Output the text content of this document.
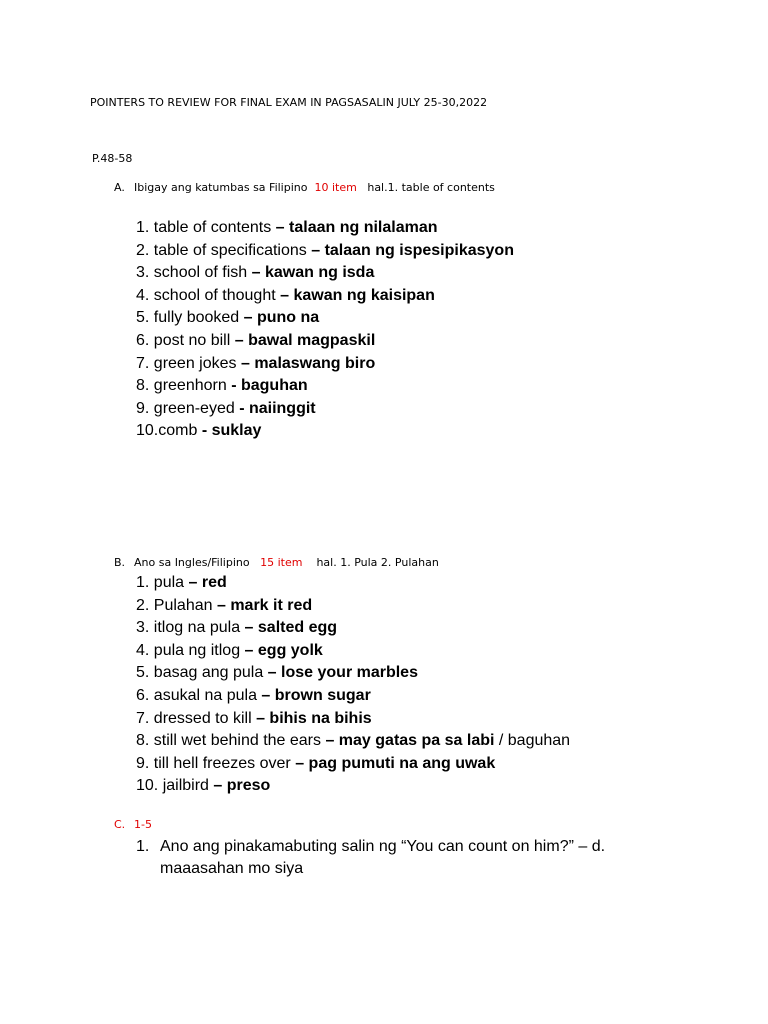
POINTERS TO REVIEW FOR FINAL EXAM IN PAGSASALIN JULY 25-30,2022
P.48-58
A. Ibigay ang katumbas sa Filipino 10 item hal.1. table of contents
1. table of contents – talaan ng nilalaman
2. table of specifications – talaan ng ispesipikasyon
3. school of fish – kawan ng isda
4. school of thought – kawan ng kaisipan
5. fully booked – puno na
6. post no bill – bawal magpaskil
7. green jokes – malaswang biro
8. greenhorn - baguhan
9. green-eyed - naiinggit
10.comb - suklay
B. Ano sa Ingles/Filipino 15 item hal. 1. Pula 2. Pulahan
1. pula – red
2. Pulahan – mark it red
3. itlog na pula – salted egg
4. pula ng itlog – egg yolk
5. basag ang pula – lose your marbles
6. asukal na pula – brown sugar
7. dressed to kill – bihis na bihis
8. still wet behind the ears – may gatas pa sa labi / baguhan
9. till hell freezes over – pag pumuti na ang uwak
10. jailbird – preso
C. 1-5
1. Ano ang pinakamabuting salin ng “You can count on him?” – d. maaasahan mo siya
